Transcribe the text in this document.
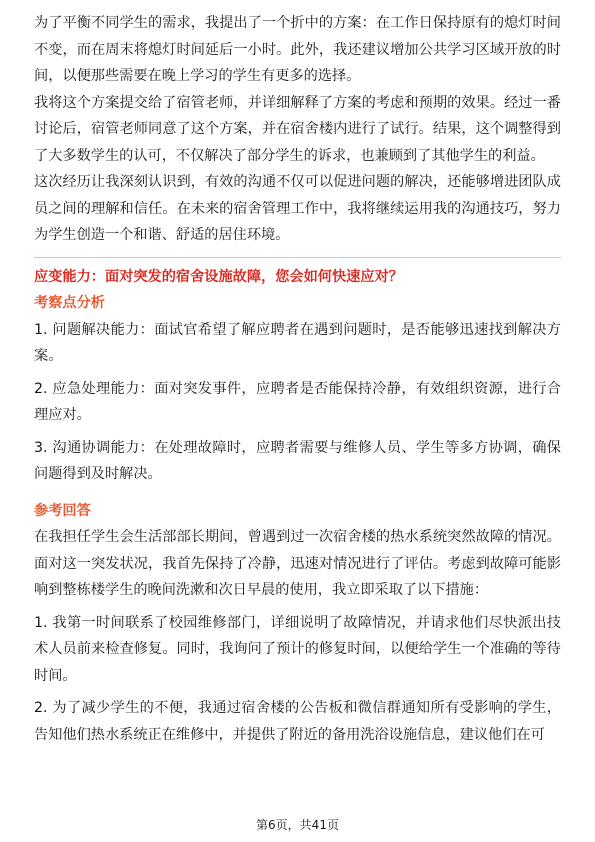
为了平衡不同学生的需求，我提出了一个折中的方案：在工作日保持原有的熄灯时间不变，而在周末将熄灯时间延后一小时。此外，我还建议增加公共学习区域开放的时间，以便那些需要在晚上学习的学生有更多的选择。

我将这个方案提交给了宿管老师，并详细解释了方案的考虑和预期的效果。经过一番讨论后，宿管老师同意了这个方案，并在宿舍楼内进行了试行。结果，这个调整得到了大多数学生的认可，不仅解决了部分学生的诉求，也兼顾到了其他学生的利益。

这次经历让我深刻认识到，有效的沟通不仅可以促进问题的解决，还能够增进团队成员之间的理解和信任。在未来的宿舍管理工作中，我将继续运用我的沟通技巧，努力为学生创造一个和谐、舒适的居住环境。

应变能力：面对突发的宿舍设施故障，您会如何快速应对？

考察点分析

1. 问题解决能力：面试官希望了解应聘者在遇到问题时，是否能够迅速找到解决方案。

2. 应急处理能力：面对突发事件，应聘者是否能保持冷静，有效组织资源，进行合理应对。

3. 沟通协调能力：在处理故障时，应聘者需要与维修人员、学生等多方协调，确保问题得到及时解决。

参考回答

在我担任学生会生活部部长期间，曾遇到过一次宿舍楼的热水系统突然故障的情况。面对这一突发状况，我首先保持了冷静，迅速对情况进行了评估。考虑到故障可能影响到整栋楼学生的晚间洗漱和次日早晨的使用，我立即采取了以下措施：

1. 我第一时间联系了校园维修部门，详细说明了故障情况，并请求他们尽快派出技术人员前来检查修复。同时，我询问了预计的修复时间，以便给学生一个准确的等待时间。

2. 为了减少学生的不便，我通过宿舍楼的公告板和微信群通知所有受影响的学生，告知他们热水系统正在维修中，并提供了附近的备用洗浴设施信息，建议他们在可

第6页，共41页
